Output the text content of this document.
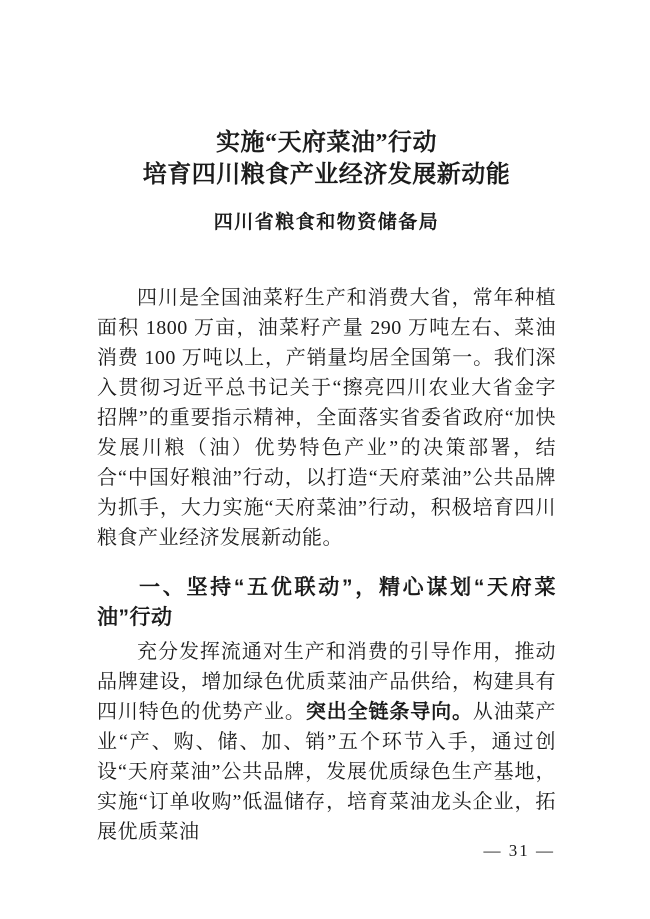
实施“天府菜油”行动
培育四川粮食产业经济发展新动能
四川省粮食和物资储备局

四川是全国油菜籽生产和消费大省，常年种植面积 1800 万亩，油菜籽产量 290 万吨左右、菜油消费 100 万吨以上，产销量均居全国第一。我们深入贯彻习近平总书记关于“擦亮四川农业大省金字招牌”的重要指示精神，全面落实省委省政府“加快发展川粮（油）优势特色产业”的决策部署，结合“中国好粮油”行动，以打造“天府菜油”公共品牌为抓手，大力实施“天府菜油”行动，积极培育四川粮食产业经济发展新动能。

一、坚持“五优联动”，精心谋划“天府菜油”行动

充分发挥流通对生产和消费的引导作用，推动品牌建设，增加绿色优质菜油产品供给，构建具有四川特色的优势产业。突出全链条导向。从油菜产业“产、购、储、加、销”五个环节入手，通过创设“天府菜油”公共品牌，发展优质绿色生产基地，实施“订单收购”低温储存，培育菜油龙头企业，拓展优质菜油

— 31 —
